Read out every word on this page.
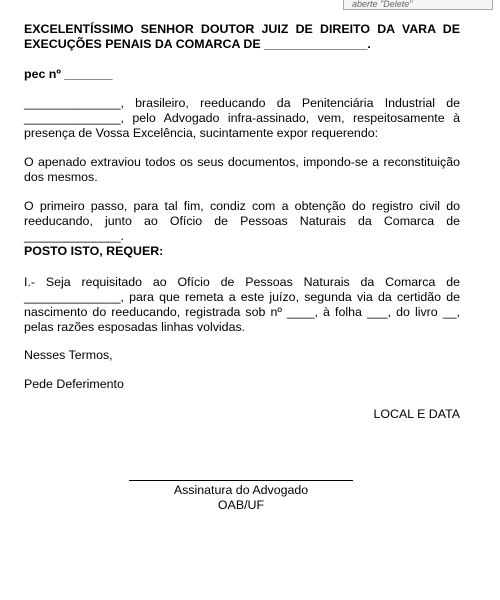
aberte "Delete"

EXCELENTÍSSIMO SENHOR DOUTOR JUIZ DE DIREITO DA VARA DE EXECUÇÕES PENAIS DA COMARCA DE _______________.

pec nº _______

______________, brasileiro, reeducando da Penitenciária Industrial de ______________, pelo Advogado infra-assinado, vem, respeitosamente à presença de Vossa Excelência, sucintamente expor requerendo:

O apenado extraviou todos os seus documentos, impondo-se a reconstituição dos mesmos.

O primeiro passo, para tal fim, condiz com a obtenção do registro civil do reeducando, junto ao Ofício de Pessoas Naturais da Comarca de ______________.

POSTO ISTO, REQUER:

I.- Seja requisitado ao Ofício de Pessoas Naturais da Comarca de ______________, para que remeta a este juízo, segunda via da certidão de nascimento do reeducando, registrada sob nº ____, à folha ___, do livro __, pelas razões esposadas linhas volvidas.

Nesses Termos,

Pede Deferimento

LOCAL E DATA

Assinatura do Advogado
OAB/UF
